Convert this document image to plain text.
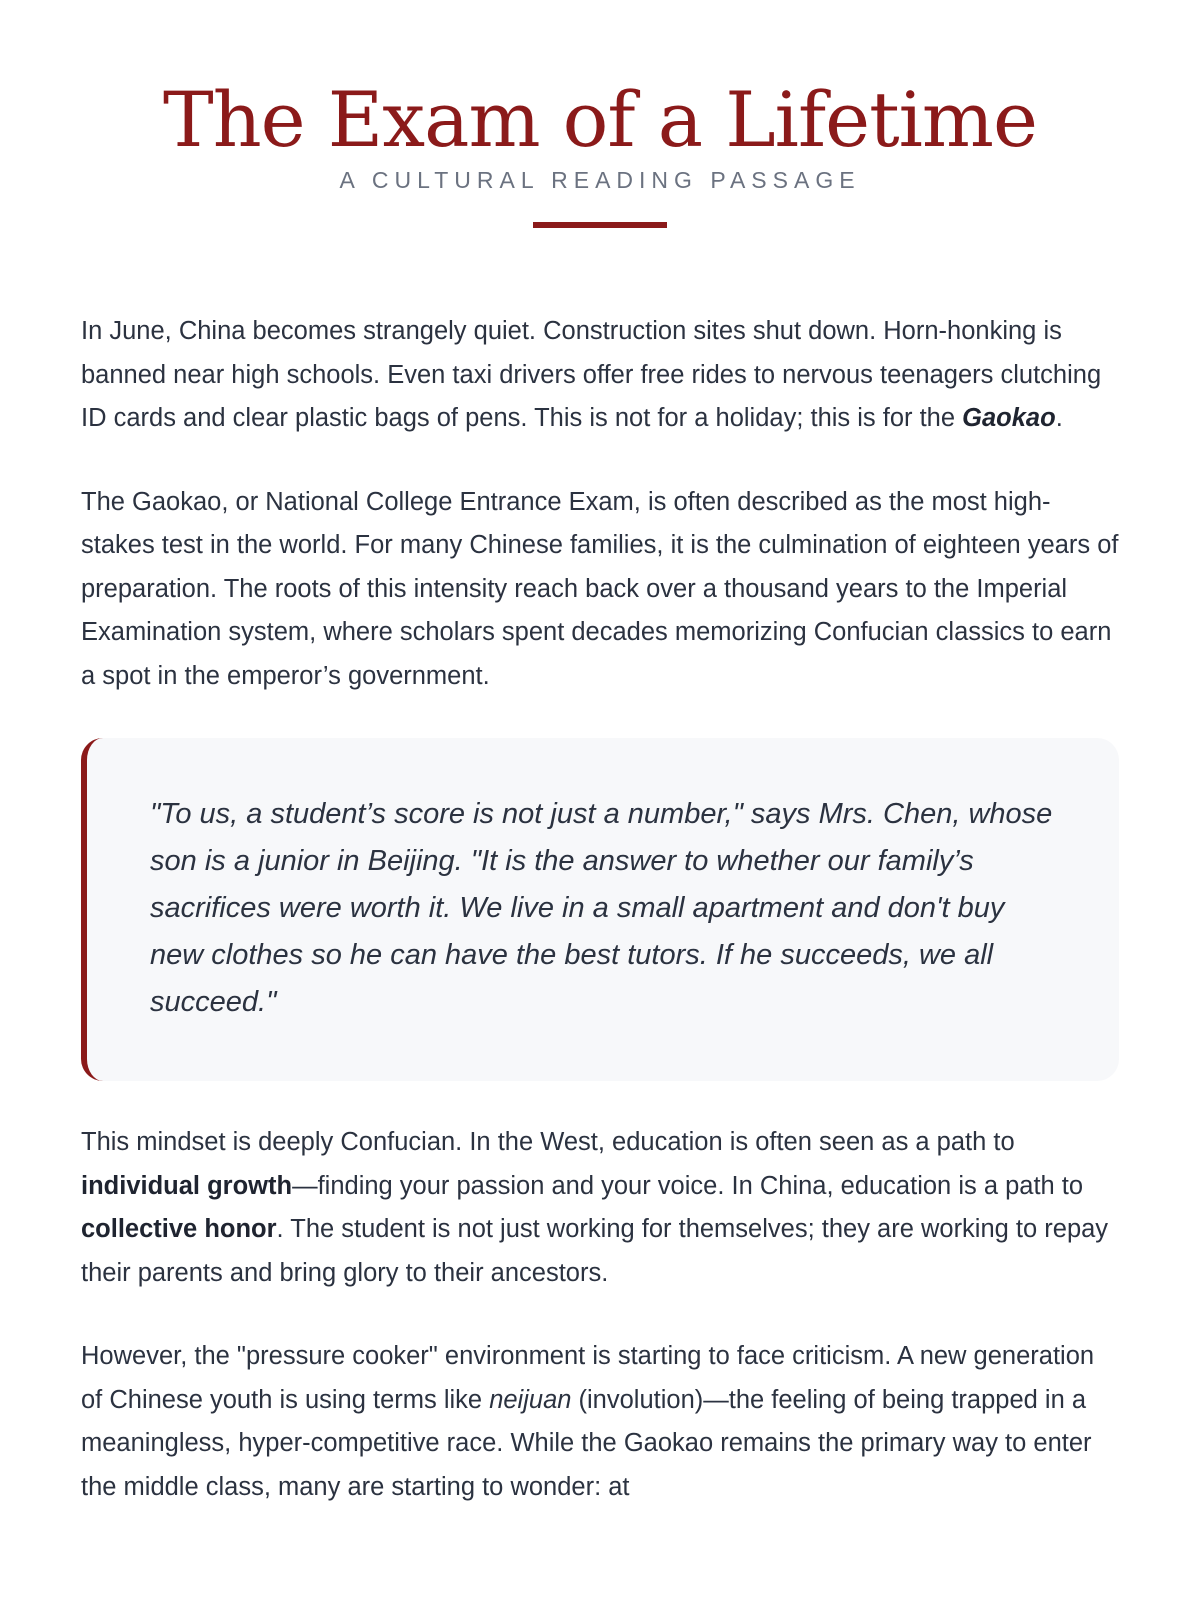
The Exam of a Lifetime
A CULTURAL READING PASSAGE

In June, China becomes strangely quiet. Construction sites shut down. Horn-honking is banned near high schools. Even taxi drivers offer free rides to nervous teenagers clutching ID cards and clear plastic bags of pens. This is not for a holiday; this is for the Gaokao.

The Gaokao, or National College Entrance Exam, is often described as the most high-stakes test in the world. For many Chinese families, it is the culmination of eighteen years of preparation. The roots of this intensity reach back over a thousand years to the Imperial Examination system, where scholars spent decades memorizing Confucian classics to earn a spot in the emperor’s government.

"To us, a student’s score is not just a number," says Mrs. Chen, whose son is a junior in Beijing. "It is the answer to whether our family’s sacrifices were worth it. We live in a small apartment and don't buy new clothes so he can have the best tutors. If he succeeds, we all succeed."

This mindset is deeply Confucian. In the West, education is often seen as a path to individual growth—finding your passion and your voice. In China, education is a path to collective honor. The student is not just working for themselves; they are working to repay their parents and bring glory to their ancestors.

However, the "pressure cooker" environment is starting to face criticism. A new generation of Chinese youth is using terms like neijuan (involution)—the feeling of being trapped in a meaningless, hyper-competitive race. While the Gaokao remains the primary way to enter the middle class, many are starting to wonder: at
